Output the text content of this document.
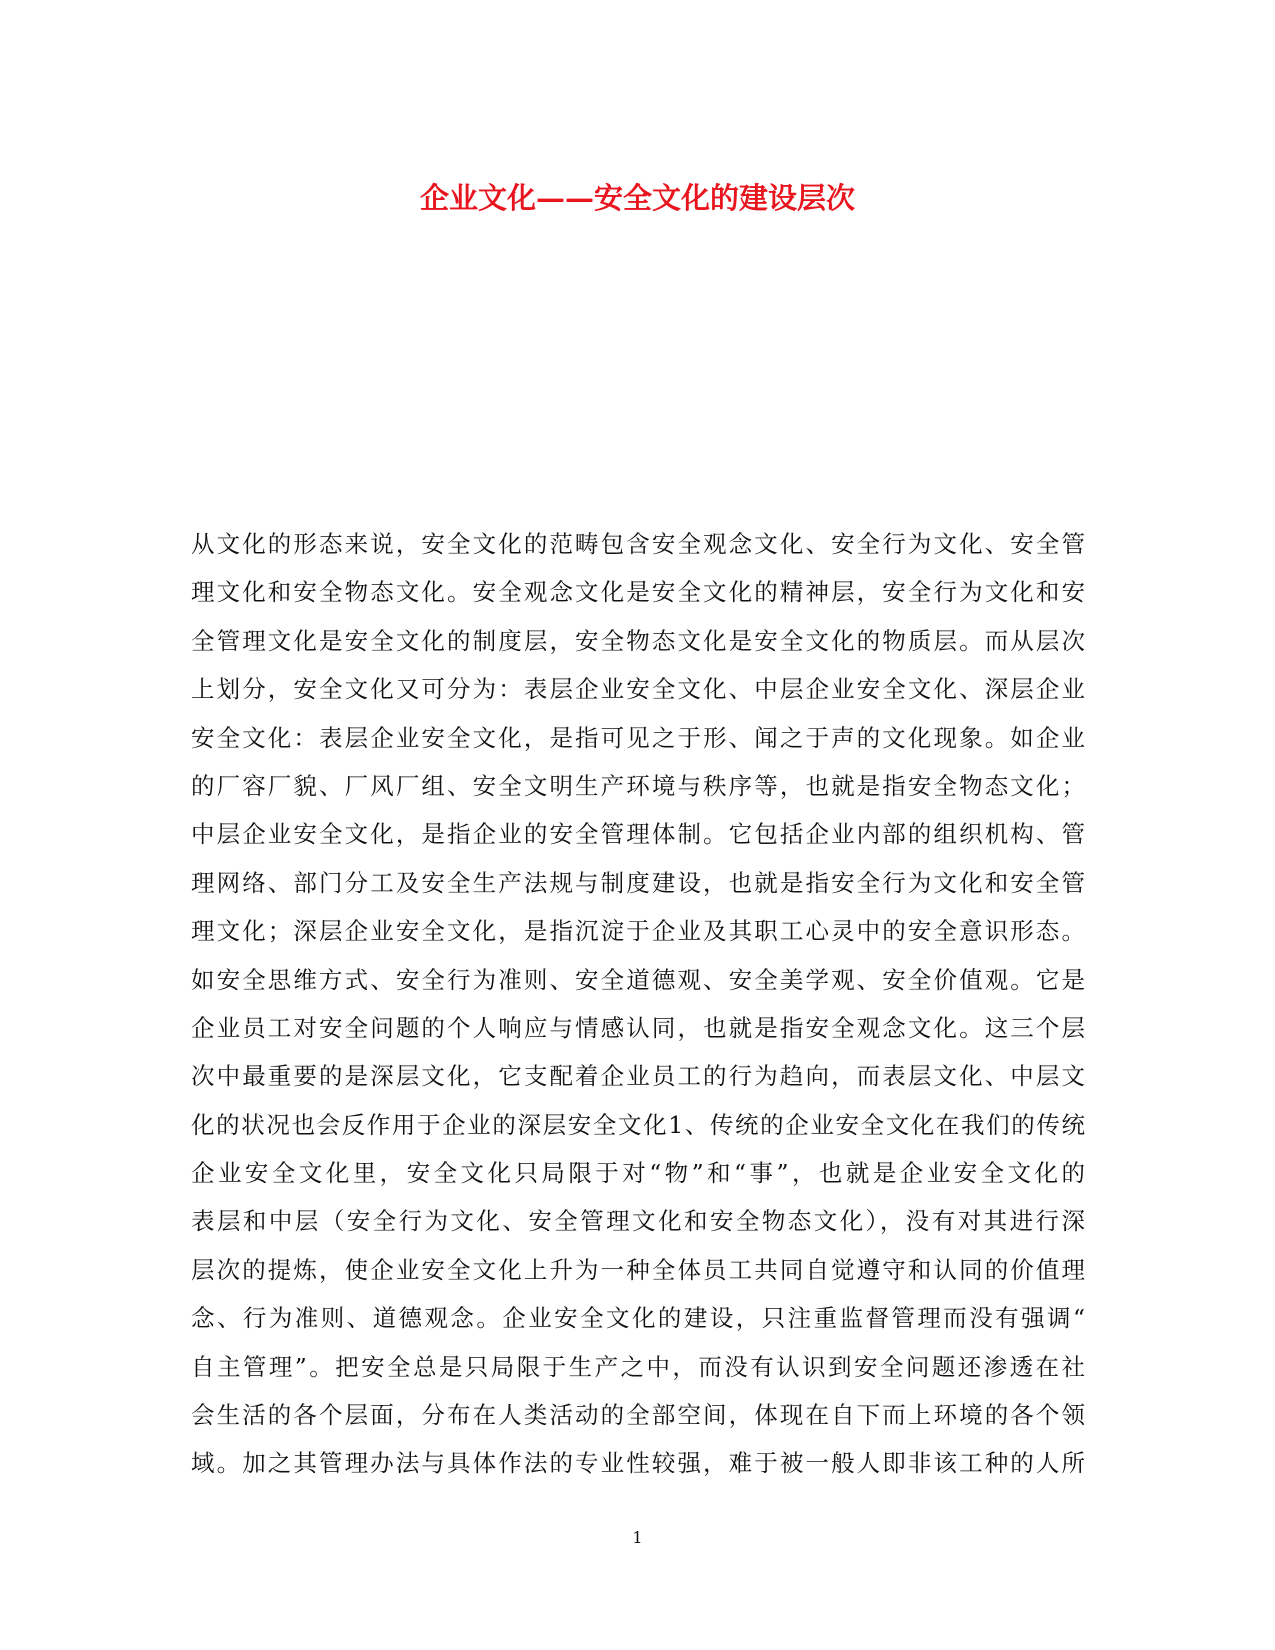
企业文化——安全文化的建设层次
从文化的形态来说，安全文化的范畴包含安全观念文化、安全行为文化、安全管
理文化和安全物态文化。安全观念文化是安全文化的精神层，安全行为文化和安
全管理文化是安全文化的制度层，安全物态文化是安全文化的物质层。而从层次
上划分，安全文化又可分为：表层企业安全文化、中层企业安全文化、深层企业
安全文化：表层企业安全文化，是指可见之于形、闻之于声的文化现象。如企业
的厂容厂貌、厂风厂组、安全文明生产环境与秩序等，也就是指安全物态文化；
中层企业安全文化，是指企业的安全管理体制。它包括企业内部的组织机构、管
理网络、部门分工及安全生产法规与制度建设，也就是指安全行为文化和安全管
理文化；深层企业安全文化，是指沉淀于企业及其职工心灵中的安全意识形态。
如安全思维方式、安全行为准则、安全道德观、安全美学观、安全价值观。它是
企业员工对安全问题的个人响应与情感认同，也就是指安全观念文化。这三个层
次中最重要的是深层文化，它支配着企业员工的行为趋向，而表层文化、中层文
化的状况也会反作用于企业的深层安全文化1、传统的企业安全文化在我们的传统
企业安全文化里，安全文化只局限于对“物”和“事”，也就是企业安全文化的
表层和中层（安全行为文化、安全管理文化和安全物态文化），没有对其进行深
层次的提炼，使企业安全文化上升为一种全体员工共同自觉遵守和认同的价值理
念、行为准则、道德观念。企业安全文化的建设，只注重监督管理而没有强调“
自主管理”。把安全总是只局限于生产之中，而没有认识到安全问题还渗透在社
会生活的各个层面，分布在人类活动的全部空间，体现在自下而上环境的各个领
域。加之其管理办法与具体作法的专业性较强，难于被一般人即非该工种的人所
1
